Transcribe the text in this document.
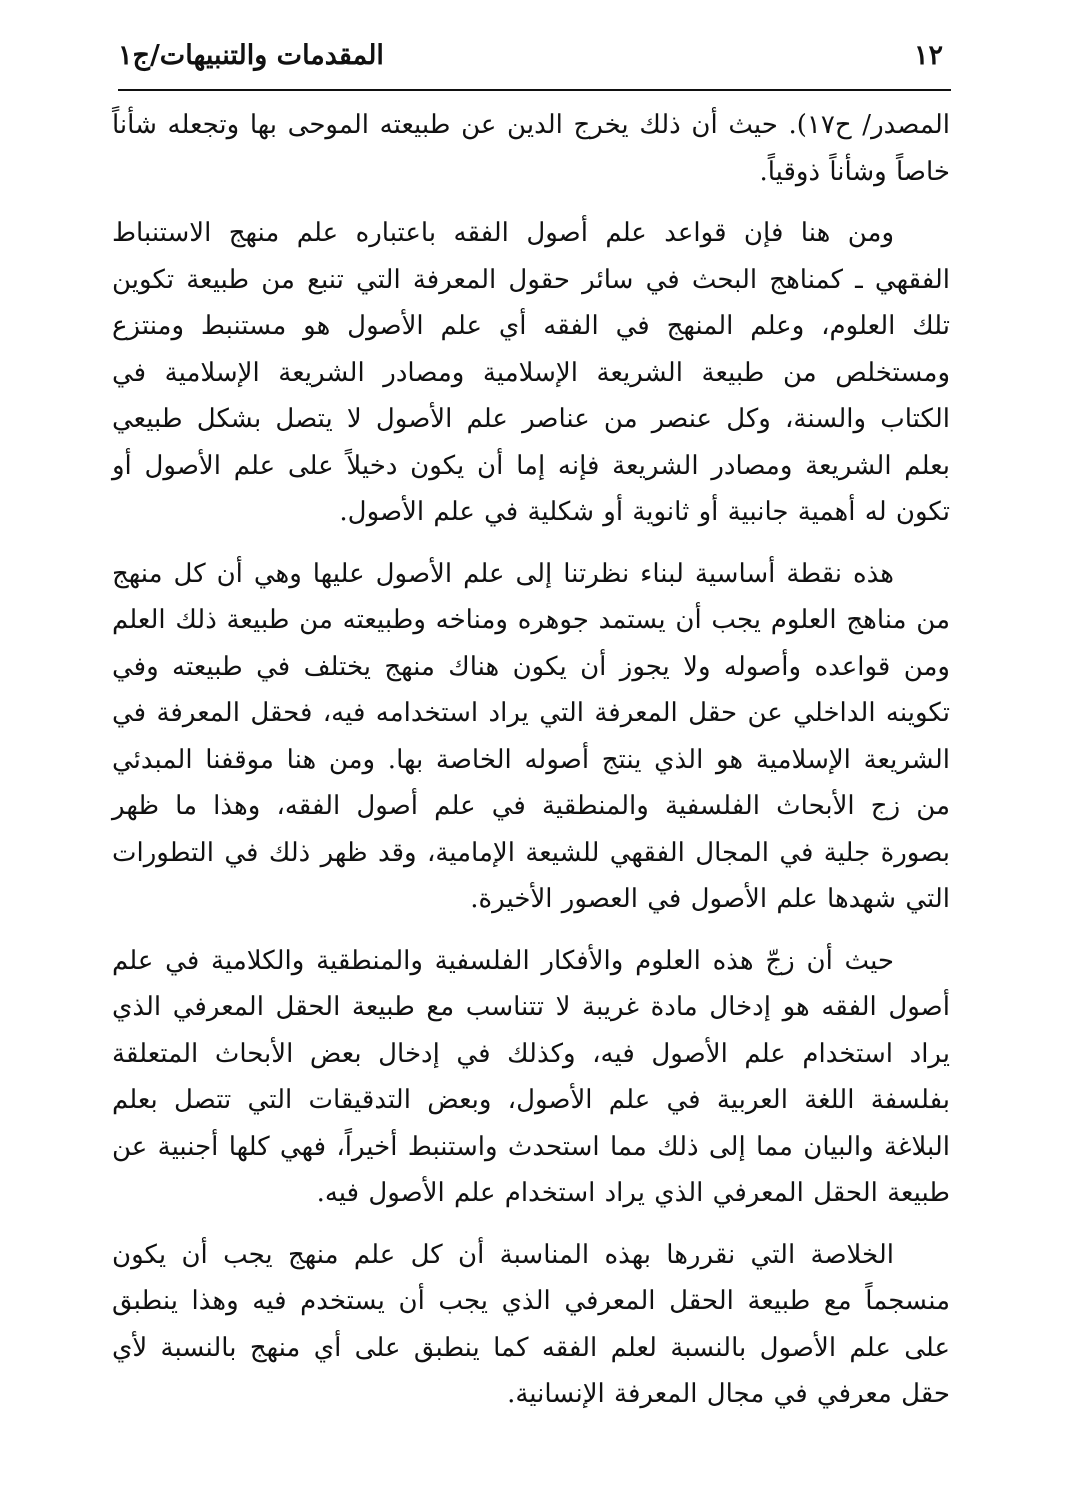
١٢
المقدمات والتنبيهات/ج١

المصدر/ ح١٧). حيث أن ذلك يخرج الدين عن طبيعته الموحى بها وتجعله شأناً خاصاً وشأناً ذوقياً.

ومن هنا فإن قواعد علم أصول الفقه باعتباره علم منهج الاستنباط الفقهي ـ كمناهج البحث في سائر حقول المعرفة التي تنبع من طبيعة تكوين تلك العلوم، وعلم المنهج في الفقه أي علم الأصول هو مستنبط ومنتزع ومستخلص من طبيعة الشريعة الإسلامية ومصادر الشريعة الإسلامية في الكتاب والسنة، وكل عنصر من عناصر علم الأصول لا يتصل بشكل طبيعي بعلم الشريعة ومصادر الشريعة فإنه إما أن يكون دخيلاً على علم الأصول أو تكون له أهمية جانبية أو ثانوية أو شكلية في علم الأصول.

هذه نقطة أساسية لبناء نظرتنا إلى علم الأصول عليها وهي أن كل منهج من مناهج العلوم يجب أن يستمد جوهره ومناخه وطبيعته من طبيعة ذلك العلم ومن قواعده وأصوله ولا يجوز أن يكون هناك منهج يختلف في طبيعته وفي تكوينه الداخلي عن حقل المعرفة التي يراد استخدامه فيه، فحقل المعرفة في الشريعة الإسلامية هو الذي ينتج أصوله الخاصة بها. ومن هنا موقفنا المبدئي من زج الأبحاث الفلسفية والمنطقية في علم أصول الفقه، وهذا ما ظهر بصورة جلية في المجال الفقهي للشيعة الإمامية، وقد ظهر ذلك في التطورات التي شهدها علم الأصول في العصور الأخيرة.

حيث أن زجّ هذه العلوم والأفكار الفلسفية والمنطقية والكلامية في علم أصول الفقه هو إدخال مادة غريبة لا تتناسب مع طبيعة الحقل المعرفي الذي يراد استخدام علم الأصول فيه، وكذلك في إدخال بعض الأبحاث المتعلقة بفلسفة اللغة العربية في علم الأصول، وبعض التدقيقات التي تتصل بعلم البلاغة والبيان مما إلى ذلك مما استحدث واستنبط أخيراً، فهي كلها أجنبية عن طبيعة الحقل المعرفي الذي يراد استخدام علم الأصول فيه.

الخلاصة التي نقررها بهذه المناسبة أن كل علم منهج يجب أن يكون منسجماً مع طبيعة الحقل المعرفي الذي يجب أن يستخدم فيه وهذا ينطبق على علم الأصول بالنسبة لعلم الفقه كما ينطبق على أي منهج بالنسبة لأي حقل معرفي في مجال المعرفة الإنسانية.
